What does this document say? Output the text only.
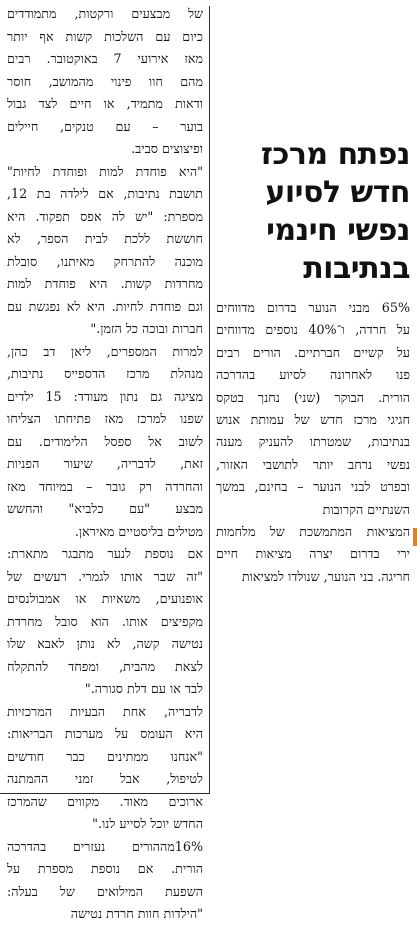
של מבצעים ורקטות, מתמודדים
כיום עם השלכות קשות אף יותר
מאז אירועי 7 באוקטובר. רבים
מהם חוו פינוי מהמושב, חוסר
ודאות מתמיד, או חיים לצד גבול
בוער – עם טנקים, חיילים
ופיצוצים סביב.
"היא פוחדת למות ופוחדת לחיות"
תושבת נתיבות, אם לילדה בת 12,
מספרת: "יש לה אפס תפקוד. היא
חוששת ללכת לבית הספר, לא
מוכנה להתרחק מאיתנו, סובלת
מחרדות קשות. היא פוחדת למות
וגם פוחדת לחיות. היא לא נפגשת עם
חברות ובוכה כל הזמן."
למרות המספרים, ליאן דב כהן,
מנהלת מרכז הדספייס נתיבות,
מציגה גם נתון מעודד: 15 ילדים
שפנו למרכז מאז פתיחתו הצליחו
לשוב אל ספסל הלימודים. עם
זאת, לדבריה, שיעור הפניות
והחרדה רק גובר – במיוחד מאז
מבצע "עם כלביא" והחשש
מטילים בליסטיים מאיראן.
אם נוספת לנער מתבגר מתארת:
"זה שבר אותו לגמרי. רעשים של
אופנועים, משאיות או אמבולנסים
מקפיצים אותו. הוא סובל מחרדת
נטישה קשה, לא נותן לאבא שלו
לצאת מהבית, ומפחד להתקלח
לבד או עם דלת סגורה."
לדבריה, אחת הבעיות המרכזיות
היא העומס על מערכות הבריאות:
"אנחנו ממתינים כבר חודשים
לטיפול, אבל זמני ההמתנה
ארוכים מאוד. מקווים שהמרכז
החדש יוכל לסייע לנו."
16%מההורים נעזרים בהדרכה
הורית. אם נוספת מספרת על
השפעת המילואים של בעלה:
"הילדות חוות חרדת נטישה
נפתח מרכז
חדש לסיוע
נפשי חינמי
בנתיבות
65% מבני הנוער בדרום מדווחים
על חרדה, ו־40% נוספים מדווחים
על קשיים חברתיים. הורים רבים
פנו לאחרונה לסיוע בהדרכה
הורית. הבוקר (שני) נחנך בטקס
חגיגי מרכז חדש של עמותת אנוש
בנתיבות, שמטרתו להעניק מענה
נפשי נרחב יותר לתושבי האזור,
ובפרט לבני הנוער – בחינם, במשך
השנתיים הקרובות
המציאות המתמשכת של מלחמות
ירי בדרום יצרה מציאות חיים
חריגה. בני הנוער, שנולדו למציאות
